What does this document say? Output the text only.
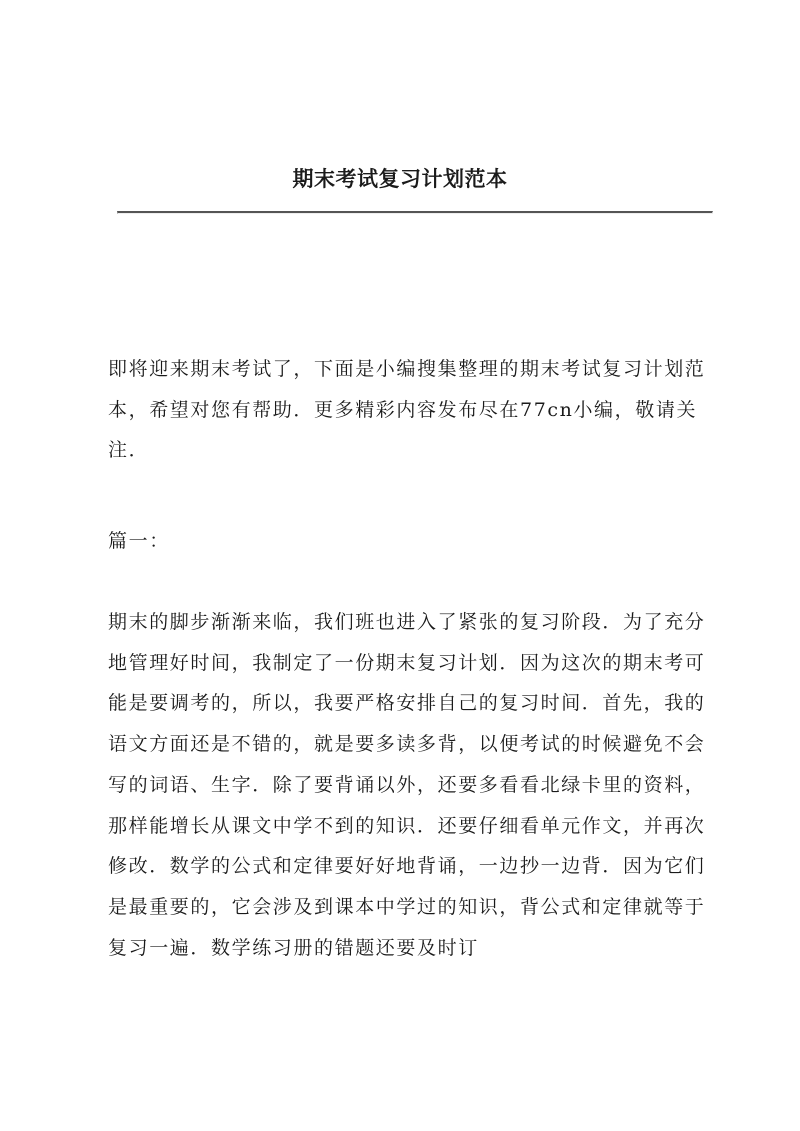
期末考试复习计划范本

即将迎来期末考试了，下面是小编搜集整理的期末考试复习计划范本，希望对您有帮助．更多精彩内容发布尽在77cn小编，敬请关注．

篇一：

期末的脚步渐渐来临，我们班也进入了紧张的复习阶段．为了充分地管理好时间，我制定了一份期末复习计划．因为这次的期末考可能是要调考的，所以，我要严格安排自己的复习时间．首先，我的语文方面还是不错的，就是要多读多背，以便考试的时候避免不会写的词语、生字．除了要背诵以外，还要多看看北绿卡里的资料，那样能增长从课文中学不到的知识．还要仔细看单元作文，并再次修改．数学的公式和定律要好好地背诵，一边抄一边背．因为它们是最重要的，它会涉及到课本中学过的知识，背公式和定律就等于复习一遍．数学练习册的错题还要及时订
